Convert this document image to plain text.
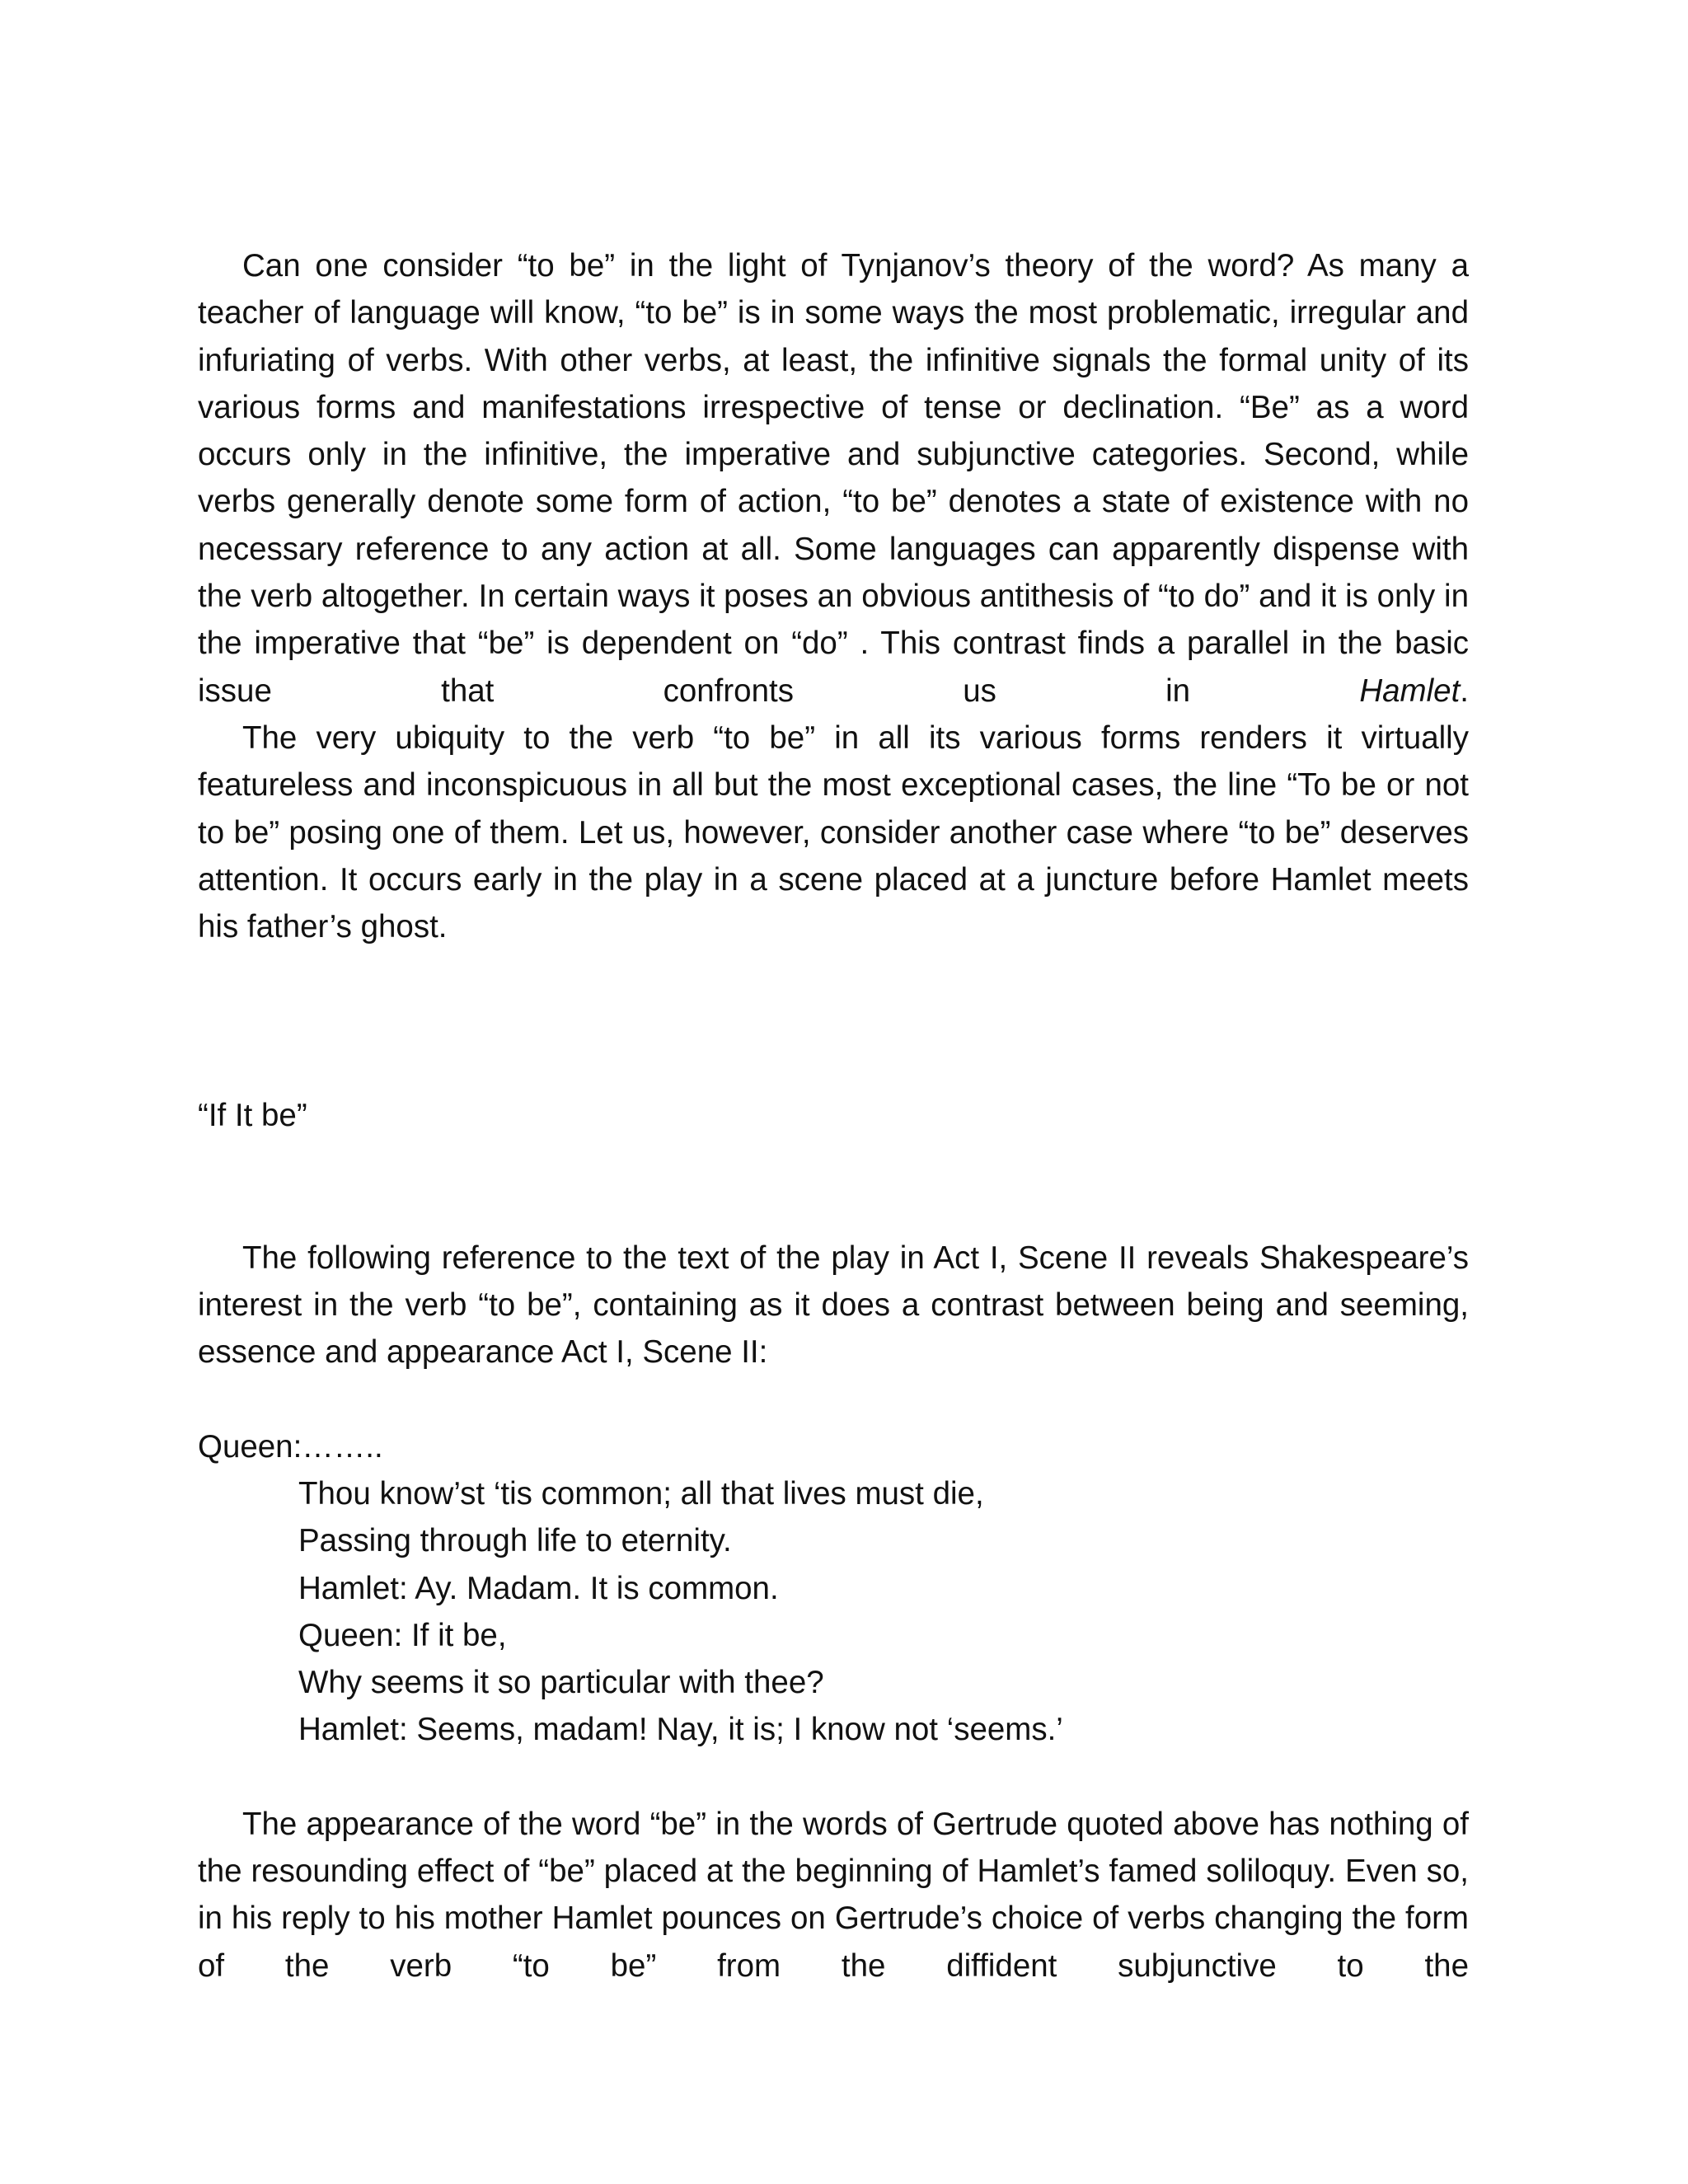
Can one consider “to be” in the light of Tynjanov’s theory of the word? As many a teacher of language will know, “to be” is in some ways the most problematic, irregular and infuriating of verbs. With other verbs, at least, the infinitive signals the formal unity of its various forms and manifestations irrespective of tense or declination. “Be” as a word occurs only in the infinitive, the imperative and subjunctive categories. Second, while verbs generally denote some form of action, “to be” denotes a state of existence with no necessary reference to any action at all. Some languages can apparently dispense with the verb altogether. In certain ways it poses an obvious antithesis of “to do” and it is only in the imperative that “be” is dependent on “do” . This contrast finds a parallel in the basic issue that confronts us in Hamlet.

The very ubiquity to the verb “to be” in all its various forms renders it virtually featureless and inconspicuous in all but the most exceptional cases, the line “To be or not to be” posing one of them. Let us, however, consider another case where “to be” deserves attention. It occurs early in the play in a scene placed at a juncture before Hamlet meets his father’s ghost.

“If It be”

The following reference to the text of the play in Act I, Scene II reveals Shakespeare’s interest in the verb “to be”, containing as it does a contrast between being and seeming, essence and appearance Act I, Scene II:

Queen:……..

Thou know’st ‘tis common; all that lives must die,
Passing through life to eternity.
Hamlet: Ay. Madam. It is common.
Queen: If it be,
Why seems it so particular with thee?
Hamlet: Seems, madam! Nay, it is; I know not ‘seems.’

The appearance of the word “be” in the words of Gertrude quoted above has nothing of the resounding effect of “be” placed at the beginning of Hamlet’s famed soliloquy. Even so, in his reply to his mother Hamlet pounces on Gertrude’s choice of verbs changing the form of the verb “to be” from the diffident subjunctive to the
